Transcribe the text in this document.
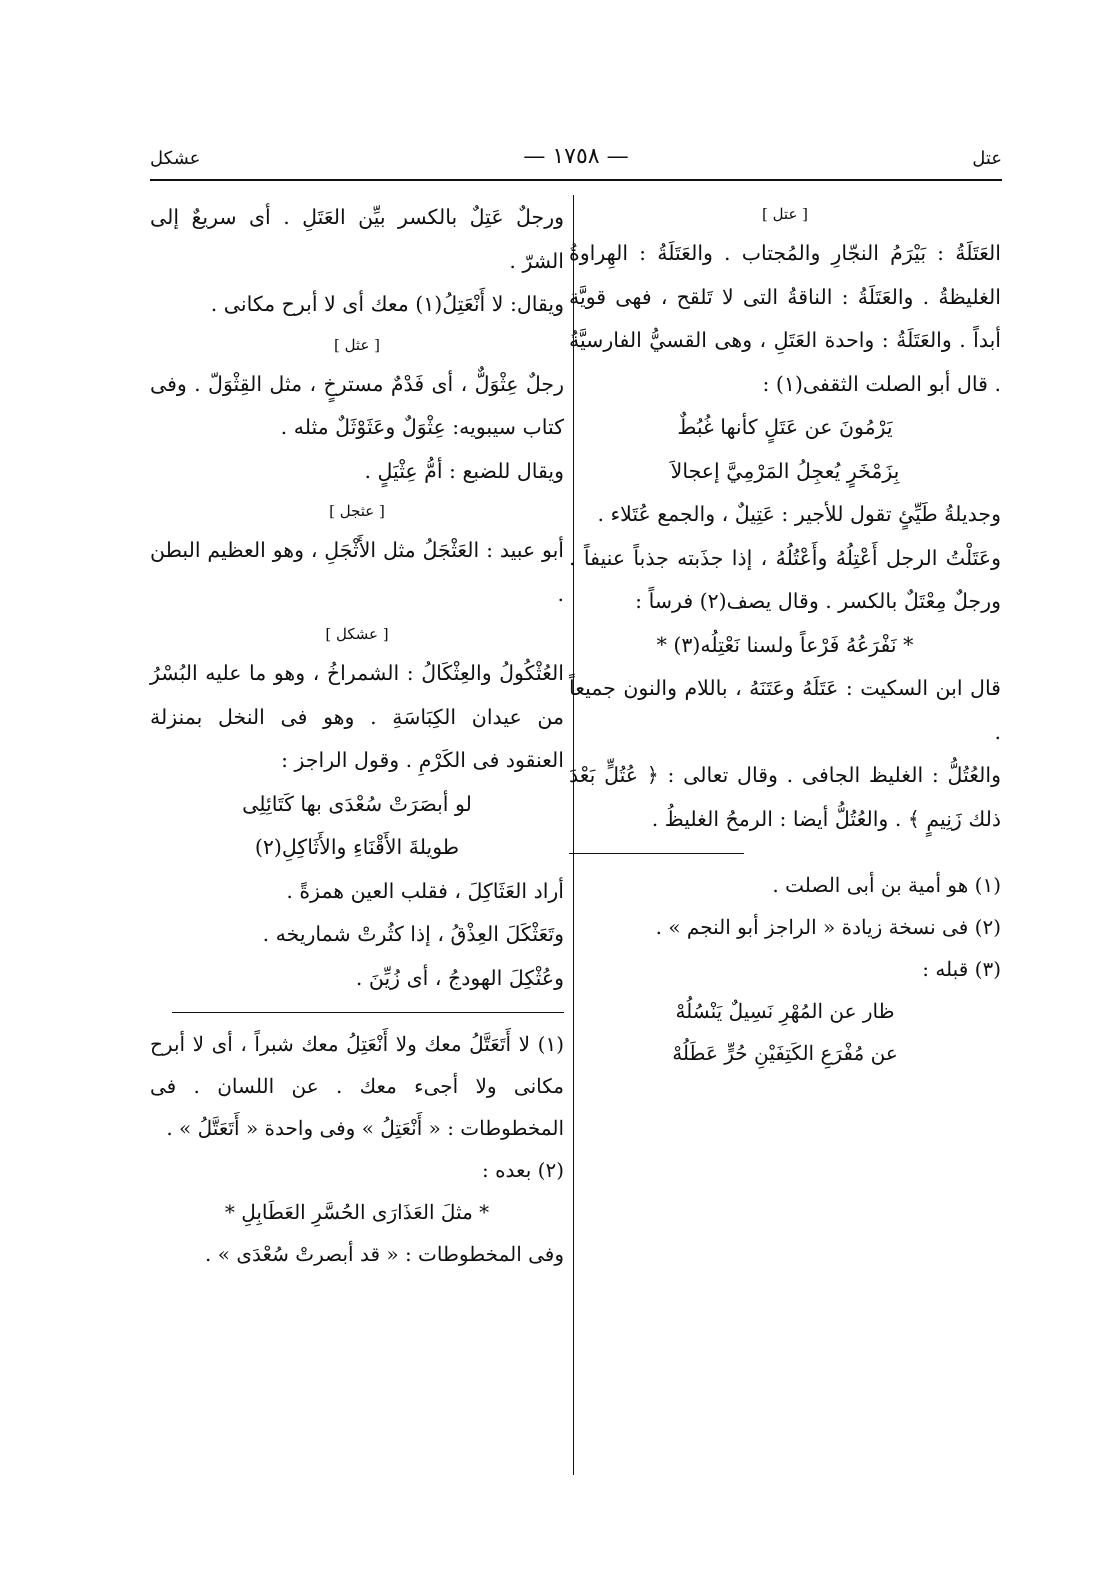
عتل
— ١٧٥٨ —
عشكل

[ عتل ]

العَتَلَةُ : بَيْرَمُ النجّارِ والمُجتاب . والعَتَلَةُ : الهِراوةُ الغليظةُ . والعَتَلَةُ : الناقةُ التى لا تَلقح ، فهى قويَّة أبداً . والعَتَلَةُ : واحدة العَتَلِ ، وهى القسيُّ الفارسيَّةُ . قال أبو الصلت الثقفى(١) :

يَرْمُونَ عن عَتَلٍ كأنها غُبُطٌ

بِزَمْخَرٍ يُعجِلُ المَرْمِيَّ إعجالاَ

وجديلةُ طَيِّئٍ تقول للأجير : عَتِيلٌ ، والجمع عُتَلاء .

وعَتَلْتُ الرجل أَعْتِلُهُ وأَعْتُلُهُ ، إذا جذَبته جذباً عنيفاً . ورجلٌ مِعْتَلٌ بالكسر . وقال يصف(٢) فرساً :

* نَفْرَعُهُ فَرْعاً ولسنا نَعْتِلُه(٣) *

قال ابن السكيت : عَتَلَهُ وعَتَنَهُ ، باللام والنون جميعاً .

والعُتُلُّ : الغليظ الجافى . وقال تعالى : ﴿ عُتُلٍّ بَعْدَ ذلك زَنِيمٍ ﴾ . والعُتُلُّ أيضا : الرمحُ الغليظُ .

(١) هو أمية بن أبى الصلت .

(٢) فى نسخة زيادة « الراجز أبو النجم » .

(٣) قبله :

ظار عن المُهْرِ نَسِيلٌ يَنْسُلُهْ

عن مُفْرَعِ الكَتِفَيْنِ حُرٍّ عَطَلُهْ

ورجلٌ عَتِلٌ بالكسر بيِّن العَتَلِ . أى سريعٌ إلى الشرّ .

ويقال: لا أَنْعَتِلُ(١) معك أى لا أبرح مكانى .

[ عثل ]

رجلٌ عِثْوَلٌّ ، أى فَدْمٌ مسترخٍ ، مثل القِثْوَلّ . وفى كتاب سيبويه: عِثْوَلٌ وعَثَوْثَلٌ مثله .

ويقال للضبع : أمُّ عِثْيَلٍ .

[ عثجل ]

أبو عبيد : العَثْجَلُ مثل الأَثْجَلِ ، وهو العظيم البطن .

[ عشكل ]

العُثْكُولُ والعِثْكَالُ : الشمراخُ ، وهو ما عليه البُسْرُ من عيدان الكِبَاسَةِ . وهو فى النخل بمنزلة العنقود فى الكَرْمِ . وقول الراجز :

لو أبصَرَتْ سُعْدَى بها كَتَائِلِى

طويلةَ الأَقْنَاءِ والأَثَاكِلِ(٢)

أراد العَثَاكِلَ ، فقلب العين همزةً .

وتَعَثْكَلَ العِذْقُ ، إذا كثُرتْ شماريخه .

وعُثْكِلَ الهودجُ ، أى زُيِّنَ .

(١) لا أَتَعَتَّلُ معك ولا أَنْعَتِلُ معك شبراً ، أى لا أبرح مكانى ولا أجىء معك . عن اللسان . فى المخطوطات : « أَنْعَتِلُ » وفى واحدة « أَتَعَتَّلُ » .

(٢) بعده :

* مثلَ العَذَارَى الحُسَّرِ العَطَابِلِ *

وفى المخطوطات : « قد أبصرتْ سُعْدَى » .
